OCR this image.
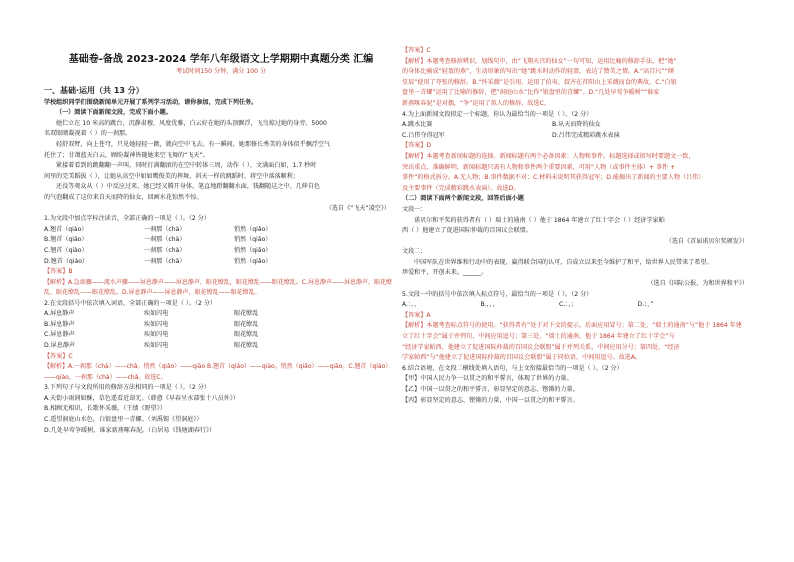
基础卷-备战 2023-2024 学年八年级语文上学期期中真题分类 汇编
考试时间150 分钟，满分 100 分
一、基础·运用（共 13 分）
学校组织同学们围绕新闻单元开展了系列学习活动，请你参加，完成下列任务。
（一）阅读下面新闻文段，完成下面小题。
她伫立在 10 米高的跳台，沉静肃穆，风度优雅，白云好在她的头顶飘浮，飞鸟掠过她的身旁。5000
名双眼睛凝视着（ ）的一刹那。
轻舒双臂，向上苍穹，只见她轻轻一跳，就向空中飞去。有一瞬间，她那修长秀美的身体似乎飘浮空气
托住了；甘蔼蓝天白云，顾盼凝神皆随她来空飞舞的“飞天”。
紧接着看到的跳翻翻一声叫，同时打满翻滚的在空中转体三周，动作（ ），文满面白如，1.7 秒时
间里的完美蹈拔（ ），让她从高空中如如鹰俊美的挥舞，斜天一样的跳蹈时，将空中落落顺利；
还没等观众从（ ）中反应过来，她已经又腾开身体，笔直地蹬翻翻水面，钱翻随这之中。几伸自色
的气泡翻成了这位来自天而降的仙女，回画水花惊然不惊。
（选自《“飞天”凌空》）
1.为文段中加点字标注读音，全部正确的一项是（ ）。（2 分）
A.翘首（qiào）	一刹那（chà）	悄然（qiǎo）
B.翘首（qiáo）	一刹那（chà）	悄然（qiǎo）
C.翘首（qiào）	一刹那（chà）	悄然（qiǎo）
D.翘首（qiáo）	一刹那（chǎ）	悄然（qiǎo）
【答案】B
【解析】A.急如骤——流水声骤——屏息静声——屏息静声，眼花缭乱，眼花缭乱——眼花缭乱。C.屏息静声——屏息静声，眼花缭乱，眼花缭乱——眼花缭乱。D.屏息静声——屏息静声，眼花缭乱——眼花缭乱。
2.在文段括号中依次填入词语，全部正确的一项是（ ）。（2 分）
A.屏息静声	疾如闪电	眼花缭乱
B.屏息静声	疾如闪电	眼花缭乱
C.屏息静声	疾如闪电	眼花缭乱
D.屏息静声	疾如闪电	眼花缭乱
【答案】C
【解析】A.一刹那（chà）——chǎ。悄然（qiǎo）——qiāo B.翘首（qiáo）——qiào。悄然（qiǎo）——qiāo。C.翘首（qiáo）——qiào，一刹那（chà）——chǎ。故选C。
3.下列句子与文段所用的修辞方法相同的一项是（ ）。（2 分）
A.天街小雨润如酥，草色遥看近却无。（韩愈《早春呈水部张十八员外》）
B.相顾无相识，长歌怀采薇。（王绩《野望》）
C.遥望洞庭山水色，白银盘里一青螺。（刘禹锡《望洞庭》）
D.几处早莺争暖树，谁家新燕啄春泥。（白居易《钱塘湖春行》）
【答案】C
【解析】本题考查修辞辨识。划线句中，由“飞翔天宫的仙女”一句可知，运用比喻的修辞手法，把“她”
的身体比喻成“轻盈的燕”，生动形象的写出“她”跳水时动作的轻盈，表达了赞美之情。A.“高百尺”“倾
星辰”使用了夸张的修辞。B.“怀采薇”是引用，运用了伯夷、叔齐在首阳山上采薇而食的典故。C.“白银
盘里一青螺”运用了比喻的修辞，把“洞庭山水”比作“银盘里的青螺”。D.“几处早莺争暖树”“谁家
新燕啄春泥”是对偶，“争”运用了拟人的修辞。故选C。
4.为上面新闻文段拟定一个标题，你认为最恰当的一项是（ ）。（2 分）
A.跳水比赛	B.从天而降的仙女
C.吕伟夺得冠军	D.吕伟完成精彩跳水表演
【答案】D
【解析】本题考查新闻标题的选择。新闻标题有两个必备因素：人物和事件。标题选择或拟写时要题文一致，
突出重点、准确鲜明，新闻标题只需有人物和事件两个重要因素，可用“人物（或事件主体）+ 事件 +
事件”的格式拆分。A.无人物；B.事件数据不对；C.材料未说明其获得冠军；D.能揭出了新闻的主要人物（吕伟）
及主要事件（完成精彩跳水表演）。故选D。
（二）阅读下面两个新闻文段，回答后面小题
文段一：
诺贝尔和平奖的获得者有（ ）瑞士的通南（ ）他于 1864 年建立了红十字会（ ）经济学家帕
西（ ）他建立了促进国际仲裁的百国议会联盟。
（选自《首届诺贝尔奖颁发》）
文段二：
中国军队在世界维和行动中的表现，赢得联合国的认可，自成立以来至今维护了和平，给世界人民带来了希望。
珍爱和平，开创未来。______。
（选自《国际公报，为和世界和平》）
5.文段一中的括号中依次填入标点符号，最恰当的一项是（ ）。（2 分）
A.：，，	B.，，，	C.：，；	D.；，”
【答案】A
【解析】本题考查标点符号的使用。“获得者有”处于对下文的提示，后面应用冒号；第二处，“瑞士的通南”与“他于 1864 年建
立了红十字会”属于并列句，中间应用逗号；第三处，“瑞士的通南，他于 1864 年建立了红十字会”与
“经济学家帕西，他建立了促进国际仲裁的百国议会联盟”属于并列关系，中间应用分号；第四处，“经济
学家帕西”与“他建立了促进国际仲裁的百国议会联盟”属于同位语，中间用逗号。故选A。
6.结合语境，在文段二横线处填入语句，与上文衔接最恰当的一项是（ ）。（2 分）
【甲】中国人民力争一以贯之的和平誓言，体现了世界的力量。
【乙】中国一以贯之的和平誓言，彰显坚定的意志、铿锵的力量。
【丙】彰显坚定的意志、铿锵的力量，中国一以贯之的和平誓言。
